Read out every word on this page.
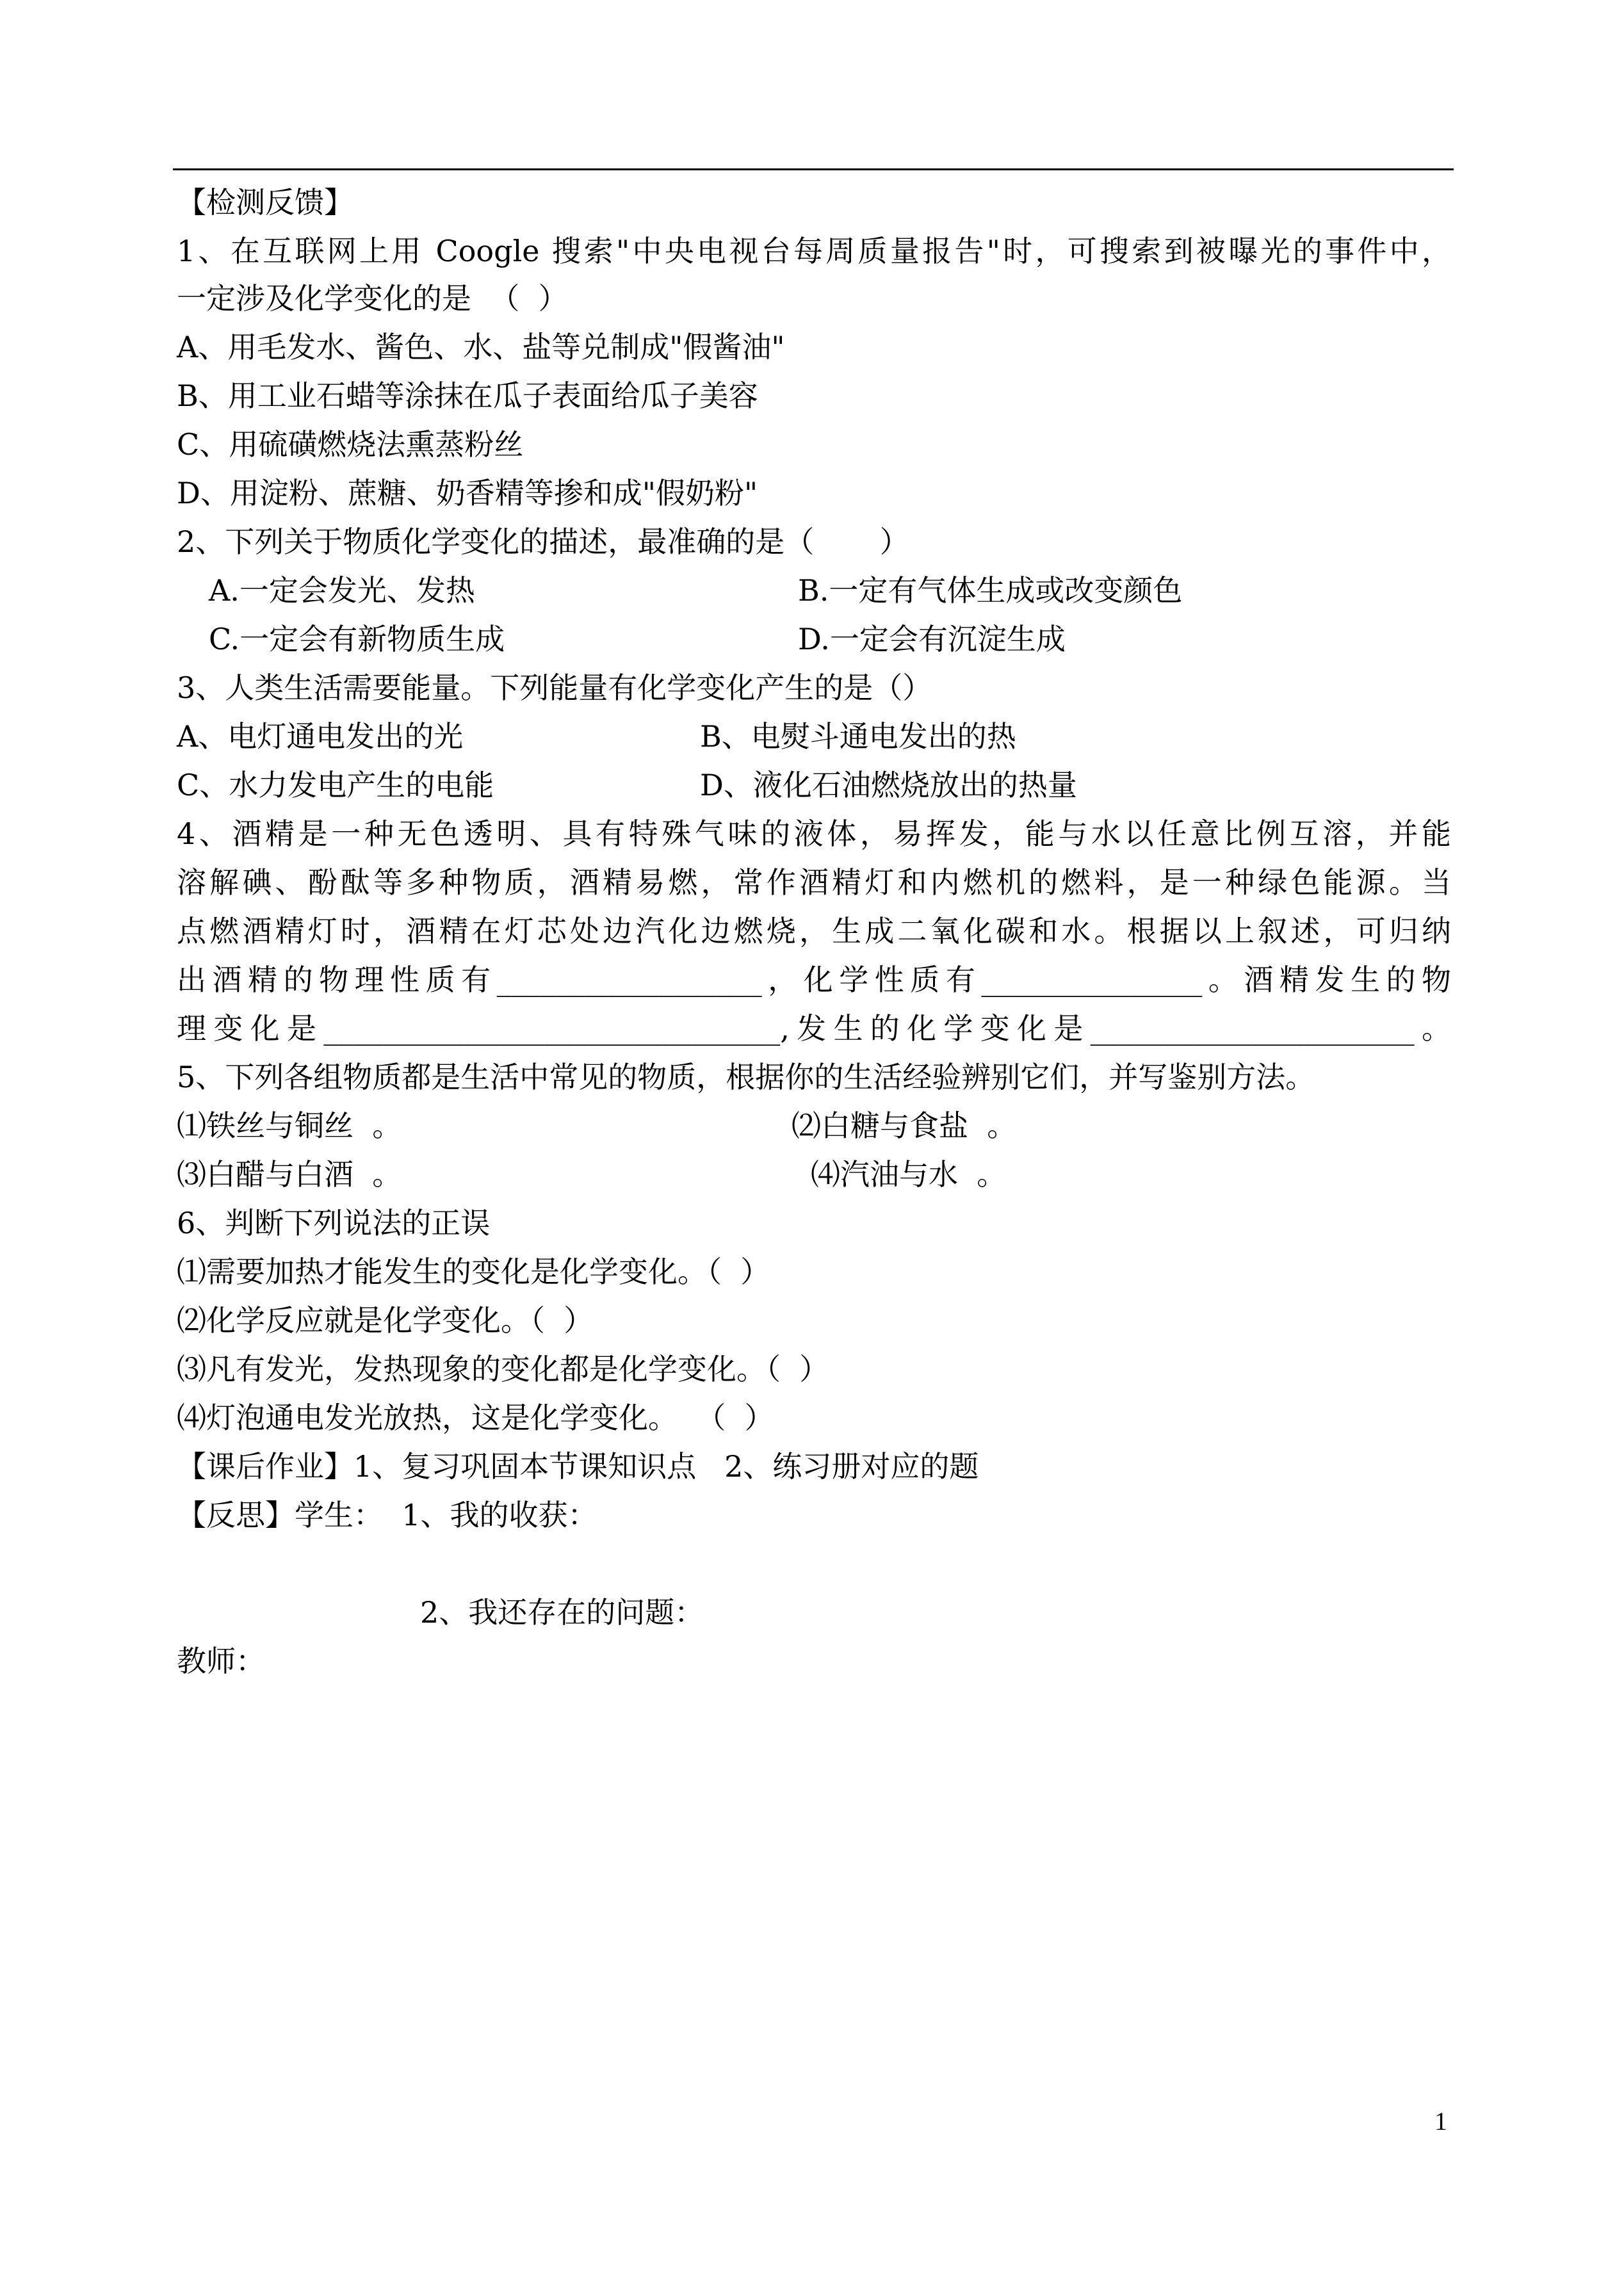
【检测反馈】
1、在互联网上用 Coogle 搜索"中央电视台每周质量报告"时，可搜索到被曝光的事件中，
一定涉及化学变化的是  （  ）
A、用毛发水、酱色、水、盐等兑制成"假酱油"
B、用工业石蜡等涂抹在瓜子表面给瓜子美容
C、用硫磺燃烧法熏蒸粉丝
D、用淀粉、蔗糖、奶香精等掺和成"假奶粉"
2、下列关于物质化学变化的描述，最准确的是（       ）
A.一定会发光、发热	B.一定有气体生成或改变颜色
C.一定会有新物质生成	D.一定会有沉淀生成
3、人类生活需要能量。下列能量有化学变化产生的是（）
A、电灯通电发出的光	B、电熨斗通电发出的热
C、水力发电产生的电能	D、液化石油燃烧放出的热量
4、酒精是一种无色透明、具有特殊气味的液体，易挥发，能与水以任意比例互溶，并能
溶解碘、酚酞等多种物质，酒精易燃，常作酒精灯和内燃机的燃料，是一种绿色能源。当
点燃酒精灯时，酒精在灯芯处边汽化边燃烧，生成二氧化碳和水。根据以上叙述，可归纳
出酒精的物理性质有__________________，化学性质有_______________。酒精发生的物
理变化是_______________________________,发生的化学变化是______________________。
5、下列各组物质都是生活中常见的物质，根据你的生活经验辨别它们，并写鉴别方法。
⑴铁丝与铜丝  。	⑵白糖与食盐  。
⑶白醋与白酒  。	⑷汽油与水  。
6、判断下列说法的正误
⑴需要加热才能发生的变化是化学变化。（  ）
⑵化学反应就是化学变化。（  ）
⑶凡有发光，发热现象的变化都是化学变化。（  ）
⑷灯泡通电发光放热，这是化学变化。  （  ）
【课后作业】1、复习巩固本节课知识点   2、练习册对应的题
【反思】学生：  1、我的收获：
2、我还存在的问题：
教师：
1
